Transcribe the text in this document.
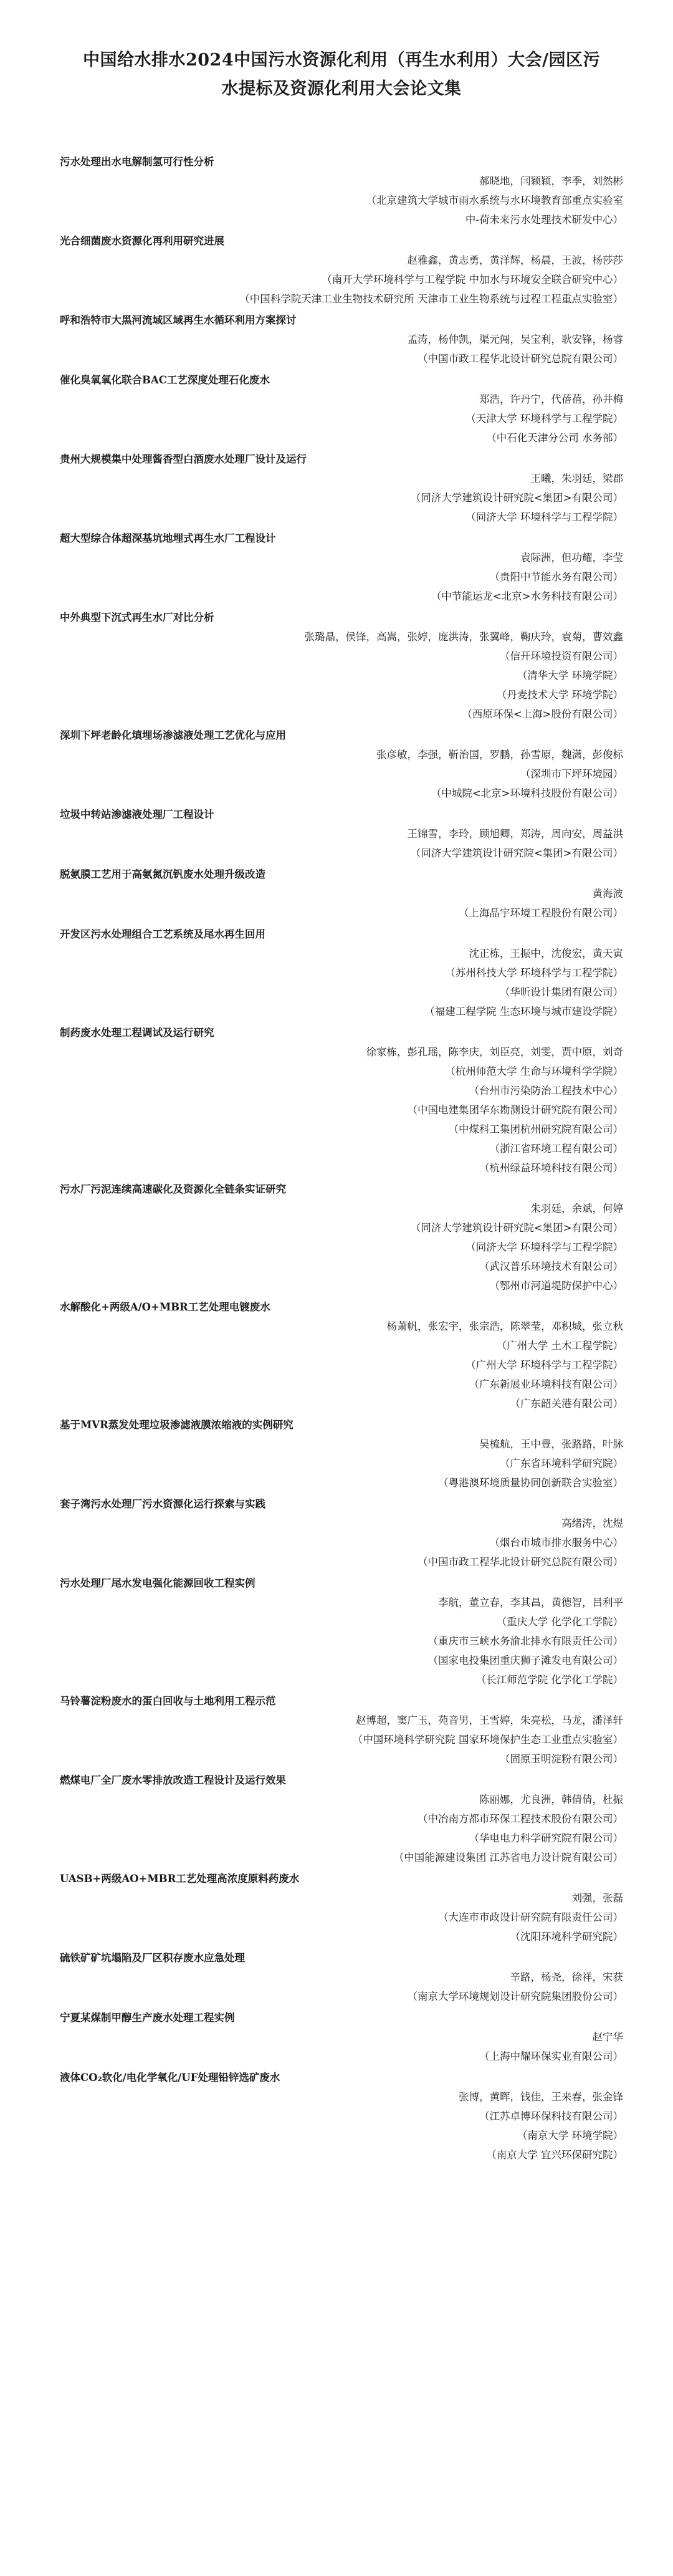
中国给水排水2024中国污水资源化利用（再生水利用）大会/园区污
水提标及资源化利用大会论文集

污水处理出水电解制氢可行性分析

郝晓地，闫颖颖，李季，刘然彬

（北京建筑大学城市雨水系统与水环境教育部重点实验室

中-荷未来污水处理技术研发中心）

光合细菌废水资源化再利用研究进展

赵雅鑫，黄志勇，黄洋辉，杨晨，王波，杨莎莎

（南开大学环境科学与工程学院 中加水与环境安全联合研究中心）

（中国科学院天津工业生物技术研究所 天津市工业生物系统与过程工程重点实验室）

呼和浩特市大黑河流域区域再生水循环利用方案探讨

孟涛，杨仲凯，渠元闯，吴宝利，耿安锋，杨睿

（中国市政工程华北设计研究总院有限公司）

催化臭氧氧化联合BAC工艺深度处理石化废水

郑浩，许丹宁，代蓓蓓，孙井梅

（天津大学 环境科学与工程学院）

（中石化天津分公司 水务部）

贵州大规模集中处理酱香型白酒废水处理厂设计及运行

王曦，朱羽廷，梁郡

（同济大学建筑设计研究院<集团>有限公司）

（同济大学 环境科学与工程学院）

超大型综合体超深基坑地埋式再生水厂工程设计

袁际洲，但功耀，李莹

（贵阳中节能水务有限公司）

（中节能运龙<北京>水务科技有限公司）

中外典型下沉式再生水厂对比分析

张璐晶，侯锋，高嵩，张婷，庞洪涛，张翼峰，鞠庆玲，袁菊，曹效鑫

（信开环境投资有限公司）

（清华大学 环境学院）

（丹麦技术大学 环境学院）

（西原环保<上海>股份有限公司）

深圳下坪老龄化填埋场渗滤液处理工艺优化与应用

张彦敏，李强，靳治国，罗鹏，孙雪原，魏潇，彭俊标

（深圳市下坪环境园）

（中城院<北京>环境科技股份有限公司）

垃圾中转站渗滤液处理厂工程设计

王锦雪，李玲，顾旭卿，郑涛，周向安，周益洪

（同济大学建筑设计研究院<集团>有限公司）

脱氨膜工艺用于高氨氮沉钒废水处理升级改造

黄海波

（上海晶宇环境工程股份有限公司）

开发区污水处理组合工艺系统及尾水再生回用

沈正栋，王振中，沈俊宏，黄天寅

（苏州科技大学 环境科学与工程学院）

（华昕设计集团有限公司）

（福建工程学院 生态环境与城市建设学院）

制药废水处理工程调试及运行研究

徐家栋，彭孔瑶，陈李庆，刘臣亮，刘雯，贾中原，刘奇

（杭州师范大学 生命与环境科学学院）

（台州市污染防治工程技术中心）

（中国电建集团华东勘测设计研究院有限公司）

（中煤科工集团杭州研究院有限公司）

（浙江省环境工程有限公司）

（杭州绿益环境科技有限公司）

污水厂污泥连续高速碳化及资源化全链条实证研究

朱羽廷，余斌，何婷

（同济大学建筑设计研究院<集团>有限公司）

（同济大学 环境科学与工程学院）

（武汉普乐环境技术有限公司）

（鄂州市河道堤防保护中心）

水解酸化+两级A/O+MBR工艺处理电镀废水

杨萧帆，张宏宇，张宗浩，陈翠莹，邓积城，张立秋

（广州大学 土木工程学院）

（广州大学 环境科学与工程学院）

（广东新展业环境科技有限公司）

（广东韶关港有限公司）

基于MVR蒸发处理垃圾渗滤液膜浓缩液的实例研究

吴梳航，王中豊，张路路，叶脉

（广东省环境科学研究院）

（粤港澳环境质量协同创新联合实验室）

套子湾污水处理厂污水资源化运行探索与实践

高绪涛，沈煜

（烟台市城市排水服务中心）

（中国市政工程华北设计研究总院有限公司）

污水处理厂尾水发电强化能源回收工程实例

李航，董立春，李其昌，黄德智，吕利平

（重庆大学 化学化工学院）

（重庆市三峡水务渝北排水有限责任公司）

（国家电投集团重庆狮子滩发电有限公司）

（长江师范学院 化学化工学院）

马铃薯淀粉废水的蛋白回收与土地利用工程示范

赵博超，窦广玉，苑音男，王雪婷，朱亮松，马龙，潘泽轩

（中国环境科学研究院 国家环境保护生态工业重点实验室）

（固原玉明淀粉有限公司）

燃煤电厂全厂废水零排放改造工程设计及运行效果

陈丽娜，尤良洲，韩倩倩，杜振

（中冶南方都市环保工程技术股份有限公司）

（华电电力科学研究院有限公司）

（中国能源建设集团 江苏省电力设计院有限公司）

UASB+两级AO+MBR工艺处理高浓度原料药废水

刘强，张磊

（大连市市政设计研究院有限责任公司）

（沈阳环境科学研究院）

硫铁矿矿坑塌陷及厂区积存废水应急处理

辛路，杨尧，徐祥，宋获

（南京大学环境规划设计研究院集团股份公司）

宁夏某煤制甲醇生产废水处理工程实例

赵宁华

（上海中耀环保实业有限公司）

液体CO₂软化/电化学氧化/UF处理铅锌选矿废水

张博，黄晖，钱佳，王来春，张金锋

（江苏卓博环保科技有限公司）

（南京大学 环境学院）

（南京大学 宜兴环保研究院）
